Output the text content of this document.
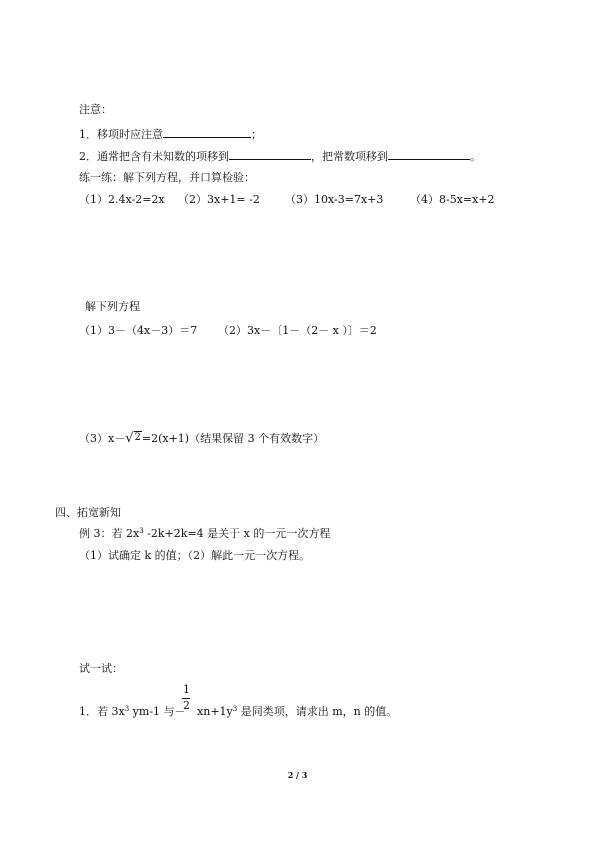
注意：
1．移项时应注意	；
2．通常把含有未知数的项移到	，把常数项移到	。
练一练：解下列方程，并口算检验：
（1）2.4x-2=2x （2）3x+1= -2 （3）10x-3=7x+3 （4）8-5x=x+2
解下列方程
（1）3－（4x－3）＝7 （2）3x－〔1－（2－ x ）〕＝2
（3）x－√2=2(x+1)（结果保留 3 个有效数字）
四、拓宽新知
例 3：若 $2x^3$ -2k+2k=4 是关于 x 的一元一次方程
（1）试确定 k 的值；（2）解此一元一次方程。
试一试：
1．若 $3x^3$ ym-1 与－ $xn+1y^3$ 是同类项，请求出 m，n 的值。
1
2
2 / 3
